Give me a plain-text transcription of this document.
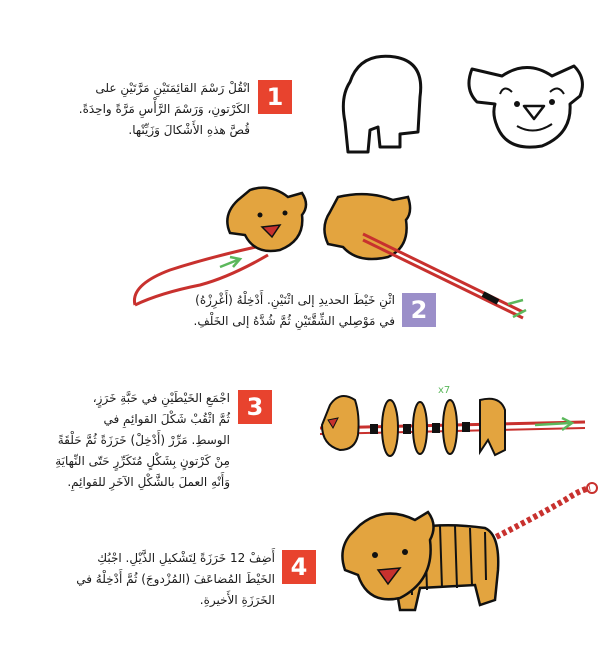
1
انْقُلْ رَسْمَ القائِمَتَيْنِ مَرَّتَيْنِ على
الكَرْتونِ، وَرَسْمَ الرَّأْسِ مَرَّةً واحِدَةً.
قُصَّ هذهِ الأَشْكالَ وَزَيِّنْها.
2
اثْنِ خَيْطَ الحديدِ إلى اثْنَيْنِ. أَدْخِلْهُ (أَغْرِزْهُ)
في مَوْصِلي الشِّقَّتَيْنِ ثُمَّ شُدَّهُ إلى الخَلْفِ.
3
اجْمَعِ الخَيْطَيْنِ في حَبَّةِ خَرَزٍ،
ثُمَّ اثْقُبْ شَكْلَ القوائِمِ في
الوسطِ. مَرِّرْ (أَدْخِلْ) خَرَزَةً ثُمَّ حَلْقَةً
مِنْ كَرْتونٍ بِشَكْلٍ مُتَكَرِّرٍ حَتّى النِّهايَةِ
وَأَنْهِ العملَ بالشَّكْلِ الآخَرِ للقوائِمِ.
x7
4
أَضِفْ 12 خَرَزَةً لِتَشْكيلِ الذَّيْلِ. اجْبُكِ
الخَيْطَ المُضاعَفَ (المُزْدوجَ) ثُمَّ أَدْخِلْهُ في
الخَرَزَةِ الأَخيرةِ.
